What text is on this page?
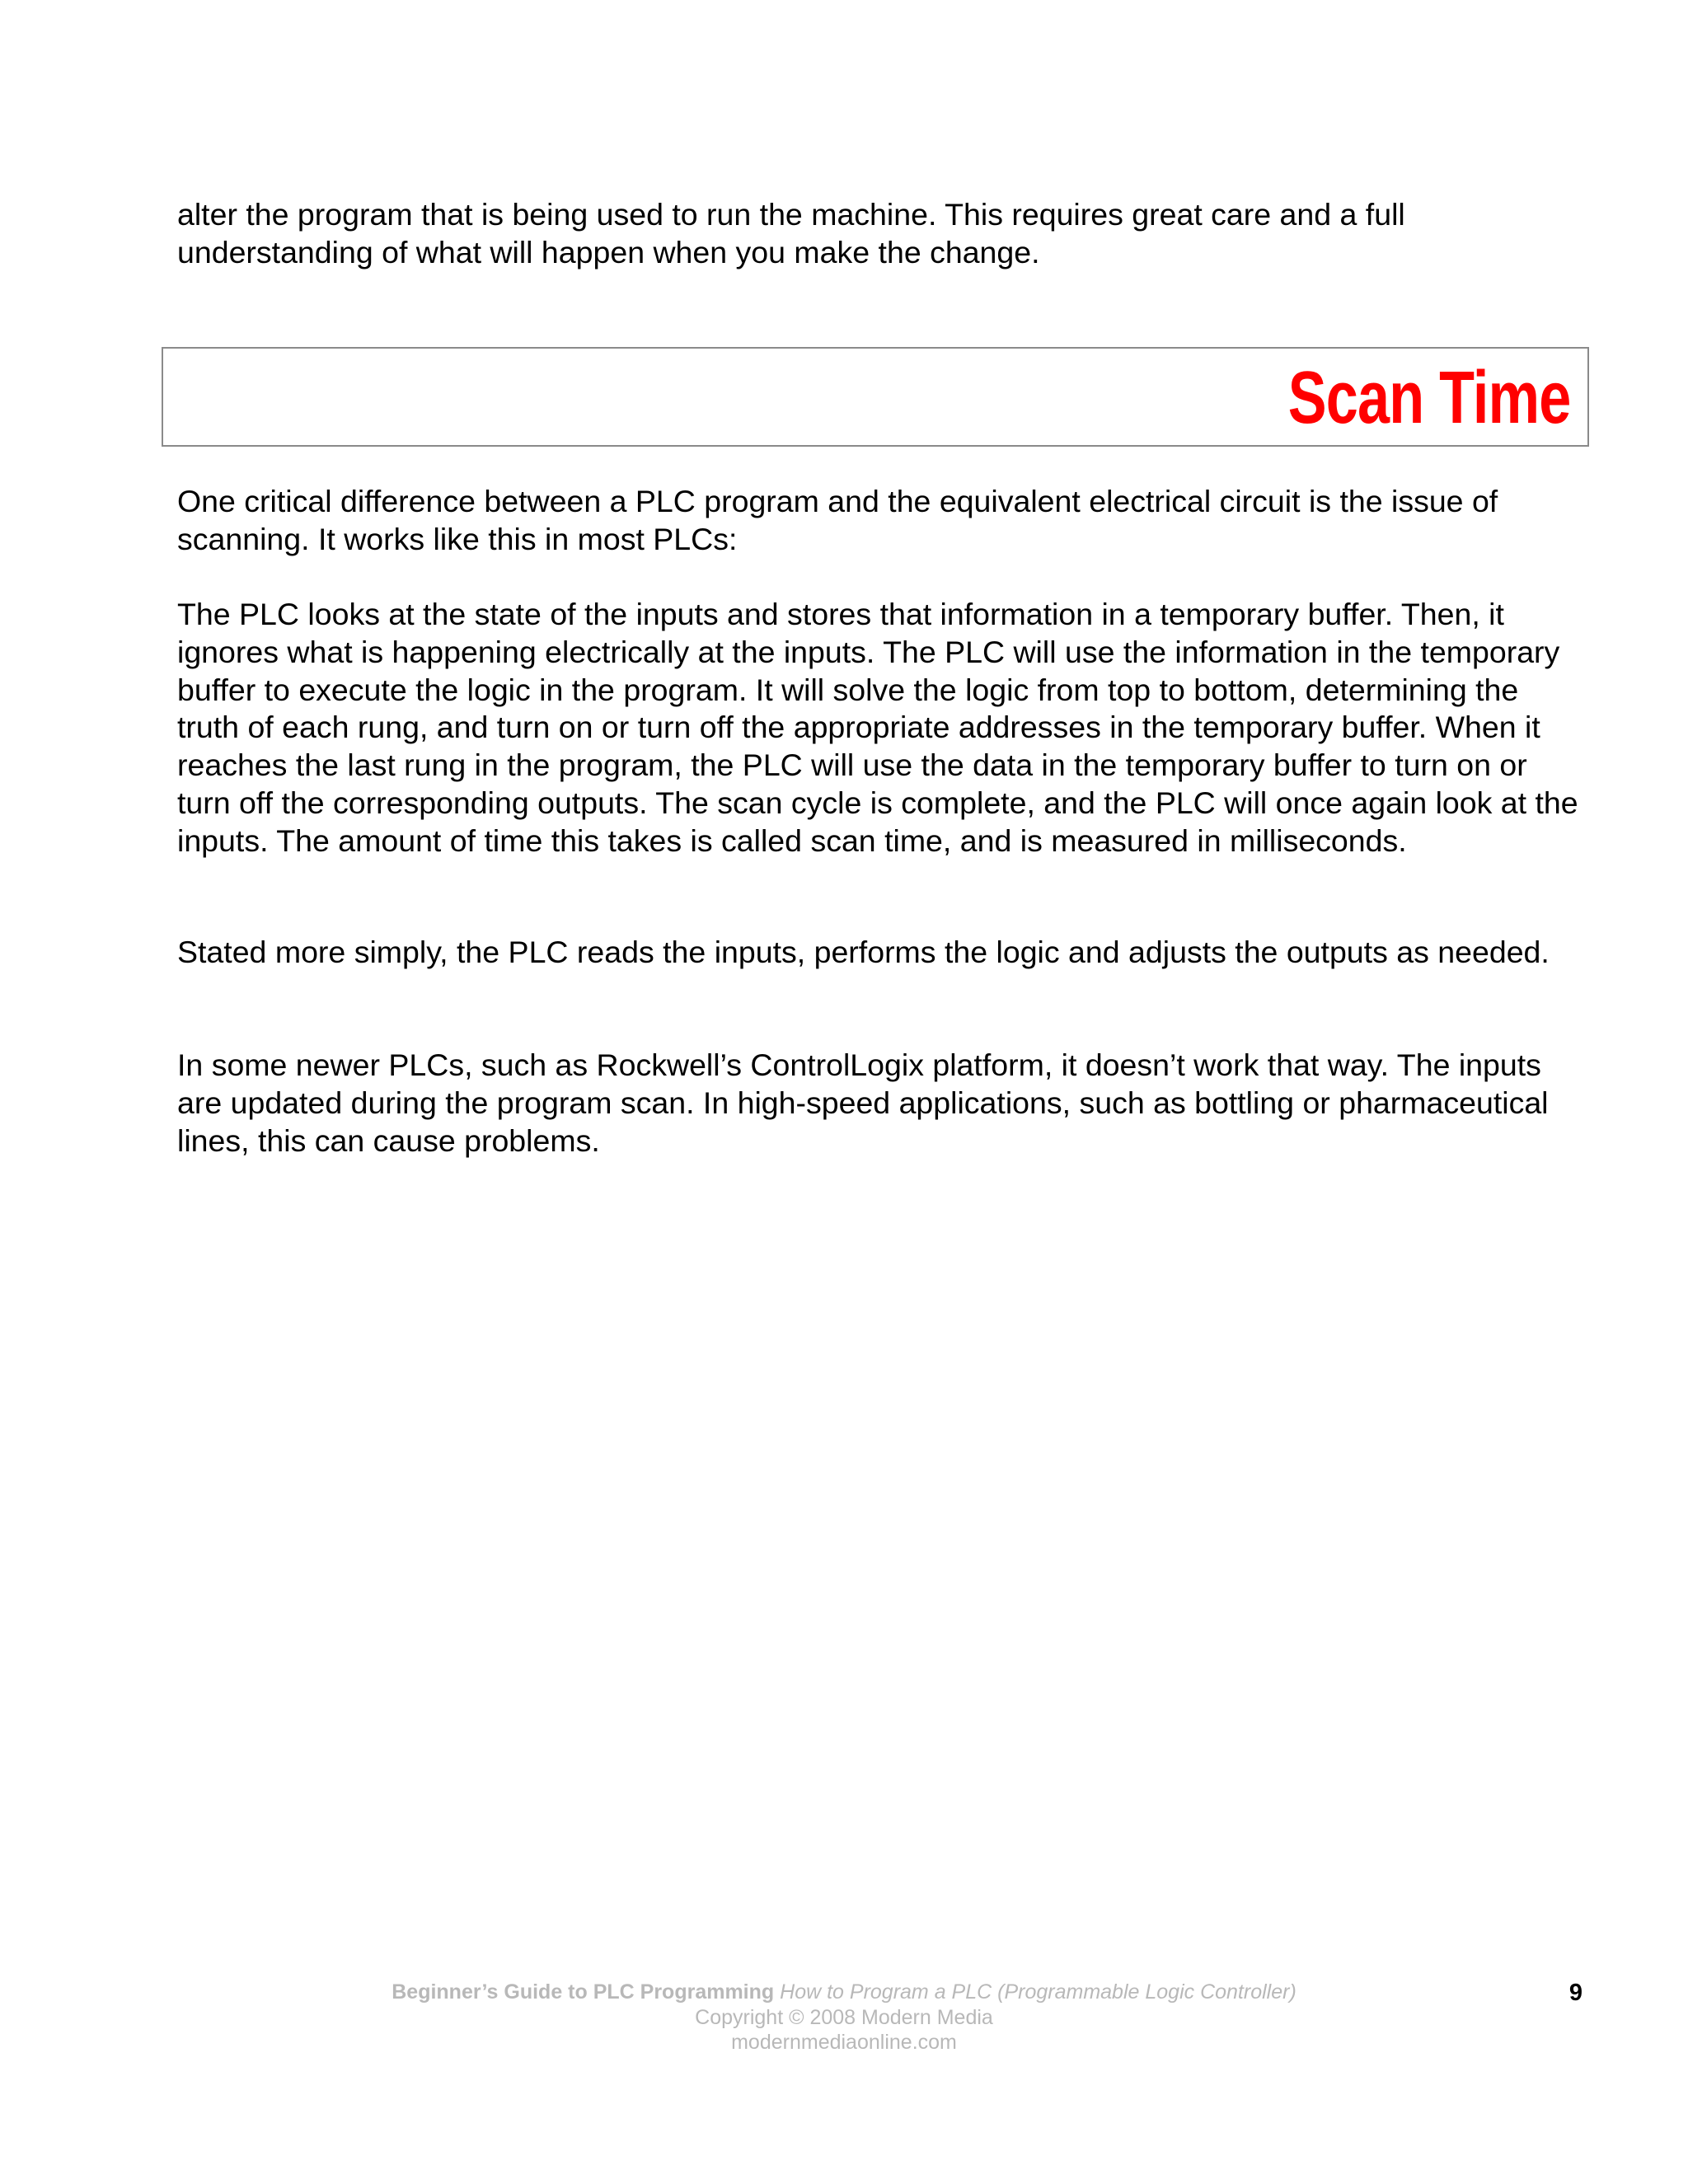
alter the program that is being used to run the machine. This requires great care and a full understanding of what will happen when you make the change.

Scan Time

One critical difference between a PLC program and the equivalent electrical circuit is the issue of scanning. It works like this in most PLCs:

The PLC looks at the state of the inputs and stores that information in a temporary buffer. Then, it ignores what is happening electrically at the inputs. The PLC will use the information in the temporary buffer to execute the logic in the program. It will solve the logic from top to bottom, determining the truth of each rung, and turn on or turn off the appropriate addresses in the temporary buffer. When it reaches the last rung in the program, the PLC will use the data in the temporary buffer to turn on or turn off the corresponding outputs. The scan cycle is complete, and the PLC will once again look at the inputs. The amount of time this takes is called scan time, and is measured in milliseconds.

Stated more simply, the PLC reads the inputs, performs the logic and adjusts the outputs as needed.

In some newer PLCs, such as Rockwell’s ControlLogix platform, it doesn’t work that way. The inputs are updated during the program scan. In high-speed applications, such as bottling or pharmaceutical lines, this can cause problems.

Beginner’s Guide to PLC Programming How to Program a PLC (Programmable Logic Controller)
Copyright © 2008 Modern Media
modernmediaonline.com
9
